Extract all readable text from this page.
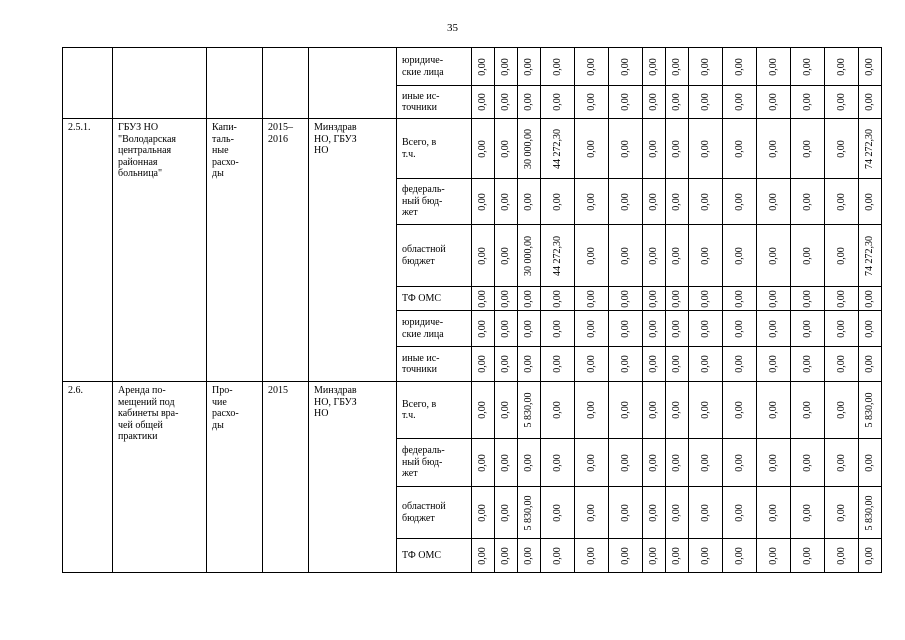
35
					юридиче-
ские лица	0,00	0,00	0,00	0,00	0,00	0,00	0,00	0,00	0,00	0,00	0,00	0,00	0,00	0,00

					иные ис-
точники	0,00	0,00	0,00	0,00	0,00	0,00	0,00	0,00	0,00	0,00	0,00	0,00	0,00	0,00

2.5.1.	ГБУЗ НО
"Володарская
центральная
районная
больница"	Капи-
таль-
ные
расхо-
ды	2015–
2016	Минздрав
НО, ГБУЗ
НО	Всего, в
т.ч.	0,00	0,00	30 000,00	44 272,30	0,00	0,00	0,00	0,00	0,00	0,00	0,00	0,00	0,00	74 272,30

					федераль-
ный бюд-
жет	0,00	0,00	0,00	0,00	0,00	0,00	0,00	0,00	0,00	0,00	0,00	0,00	0,00	0,00

					областной
бюджет	0,00	0,00	30 000,00	44 272,30	0,00	0,00	0,00	0,00	0,00	0,00	0,00	0,00	0,00	74 272,30

					ТФ ОМС	0,00	0,00	0,00	0,00	0,00	0,00	0,00	0,00	0,00	0,00	0,00	0,00	0,00	0,00

					юридиче-
ские лица	0,00	0,00	0,00	0,00	0,00	0,00	0,00	0,00	0,00	0,00	0,00	0,00	0,00	0,00

					иные ис-
точники	0,00	0,00	0,00	0,00	0,00	0,00	0,00	0,00	0,00	0,00	0,00	0,00	0,00	0,00

2.6.	Аренда по-
мещений под
кабинеты вра-
чей общей
практики	Про-
чие
расхо-
ды	2015	Минздрав
НО, ГБУЗ
НО	Всего, в
т.ч.	0,00	0,00	5 830,00	0,00	0,00	0,00	0,00	0,00	0,00	0,00	0,00	0,00	0,00	5 830,00

					федераль-
ный бюд-
жет	0,00	0,00	0,00	0,00	0,00	0,00	0,00	0,00	0,00	0,00	0,00	0,00	0,00	0,00

					областной
бюджет	0,00	0,00	5 830,00	0,00	0,00	0,00	0,00	0,00	0,00	0,00	0,00	0,00	0,00	5 830,00

					ТФ ОМС	0,00	0,00	0,00	0,00	0,00	0,00	0,00	0,00	0,00	0,00	0,00	0,00	0,00	0,00
